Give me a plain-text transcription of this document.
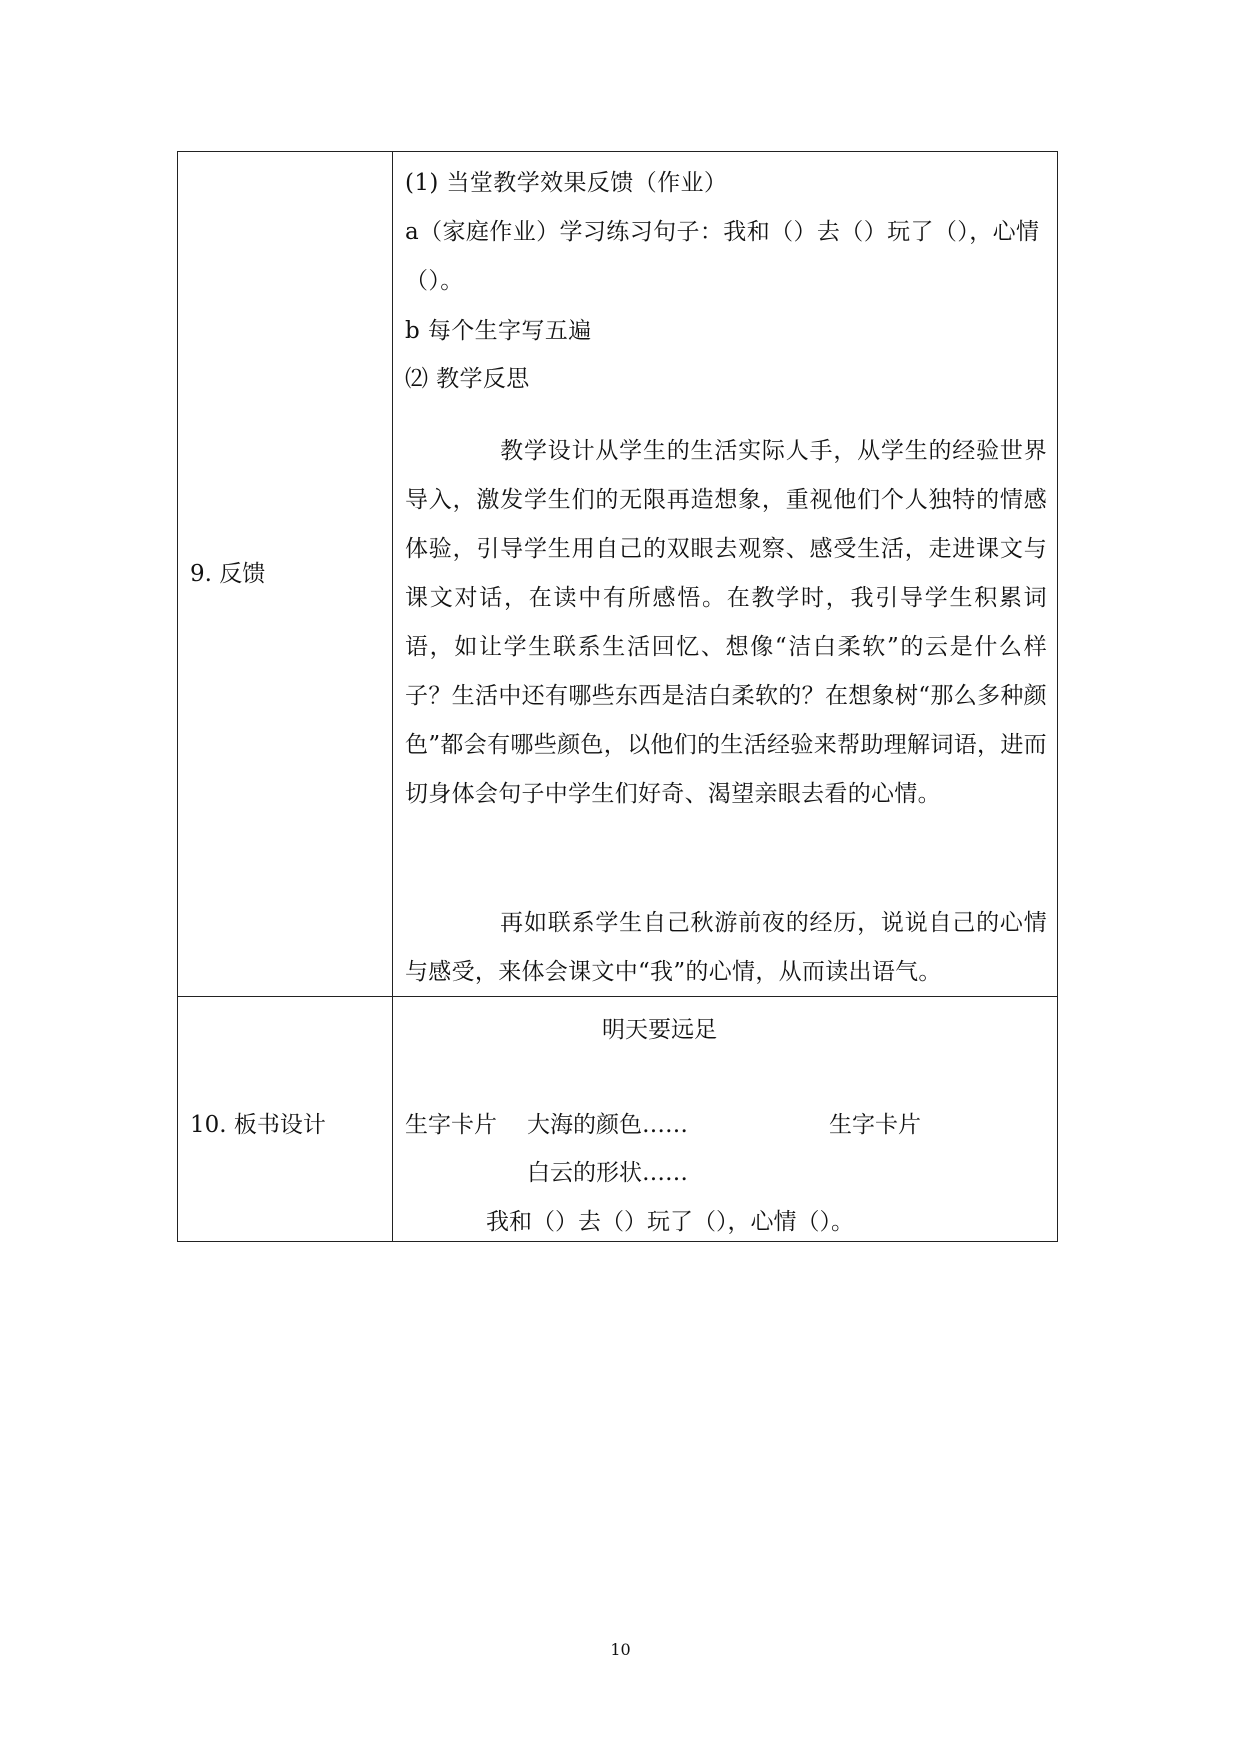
9. 反馈
(1) 当堂教学效果反馈（作业）
a（家庭作业）学习练习句子：我和（）去（）玩了（），心情
（）。
b 每个生字写五遍
⑵ 教学反思
　　　　教学设计从学生的生活实际人手，从学生的经验世界导入，激发学生们的无限再造想象，重视他们个人独特的情感体验，引导学生用自己的双眼去观察、感受生活，走进课文与课文对话，在读中有所感悟。在教学时，我引导学生积累词语，如让学生联系生活回忆、想像“洁白柔软”的云是什么样子？生活中还有哪些东西是洁白柔软的？在想象树“那么多种颜色”都会有哪些颜色，以他们的生活经验来帮助理解词语，进而切身体会句子中学生们好奇、渴望亲眼去看的心情。
　　　　再如联系学生自己秋游前夜的经历，说说自己的心情与感受，来体会课文中“我”的心情，从而读出语气。
10. 板书设计
明天要远足
生字卡片 大海的颜色……	生字卡片
白云的形状……
我和（）去（）玩了（），心情（）。
10
